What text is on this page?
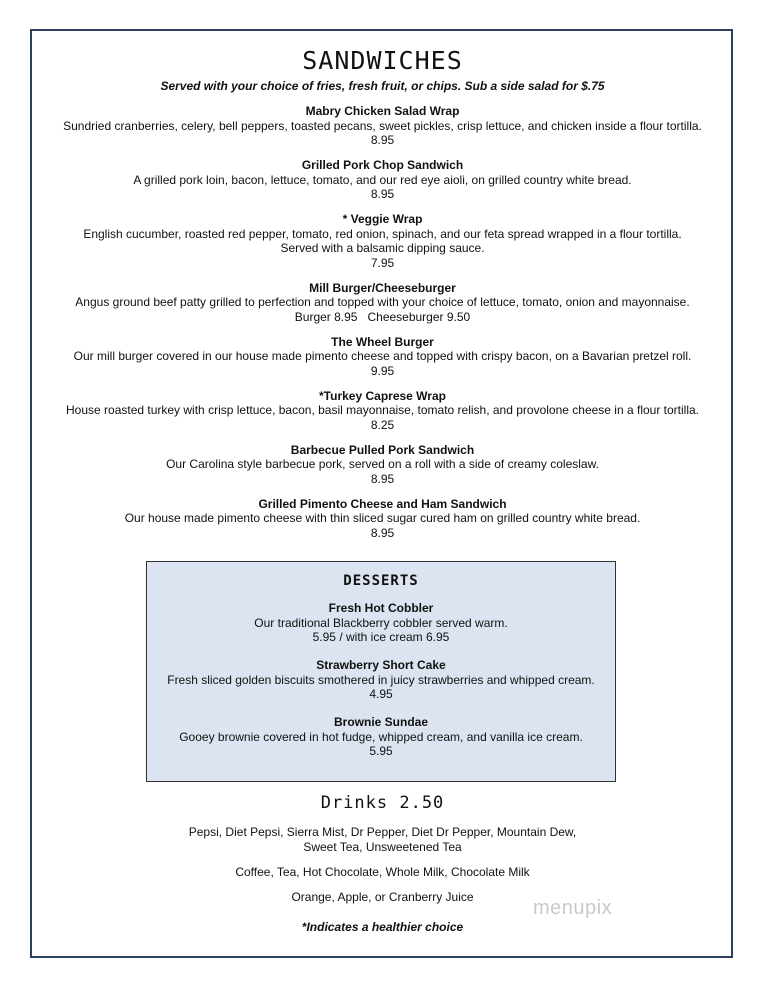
SANDWICHES
Served with your choice of fries, fresh fruit, or chips. Sub a side salad for $.75
Mabry Chicken Salad Wrap
Sundried cranberries, celery, bell peppers, toasted pecans, sweet pickles, crisp lettuce, and chicken inside a flour tortilla.
8.95
Grilled Pork Chop Sandwich
A grilled pork loin, bacon, lettuce, tomato, and our red eye aioli, on grilled country white bread.
8.95
* Veggie Wrap
English cucumber, roasted red pepper, tomato, red onion, spinach, and our feta spread wrapped in a flour tortilla.
Served with a balsamic dipping sauce.
7.95
Mill Burger/Cheeseburger
Angus ground beef patty grilled to perfection and topped with your choice of lettuce, tomato, onion and mayonnaise.
Burger 8.95   Cheeseburger 9.50
The Wheel Burger
Our mill burger covered in our house made pimento cheese and topped with crispy bacon, on a Bavarian pretzel roll.
9.95
*Turkey Caprese Wrap
House roasted turkey with crisp lettuce, bacon, basil mayonnaise, tomato relish, and provolone cheese in a flour tortilla.
8.25
Barbecue Pulled Pork Sandwich
Our Carolina style barbecue pork, served on a roll with a side of creamy coleslaw.
8.95
Grilled Pimento Cheese and Ham Sandwich
Our house made pimento cheese with thin sliced sugar cured ham on grilled country white bread.
8.95
DESSERTS
Fresh Hot Cobbler
Our traditional Blackberry cobbler served warm.
5.95 / with ice cream 6.95
Strawberry Short Cake
Fresh sliced golden biscuits smothered in juicy strawberries and whipped cream.
4.95
Brownie Sundae
Gooey brownie covered in hot fudge, whipped cream, and vanilla ice cream.
5.95
Drinks 2.50
Pepsi, Diet Pepsi, Sierra Mist, Dr Pepper, Diet Dr Pepper, Mountain Dew,
Sweet Tea, Unsweetened Tea
Coffee, Tea, Hot Chocolate, Whole Milk, Chocolate Milk
Orange, Apple, or Cranberry Juice
*Indicates a healthier choice
menupix
